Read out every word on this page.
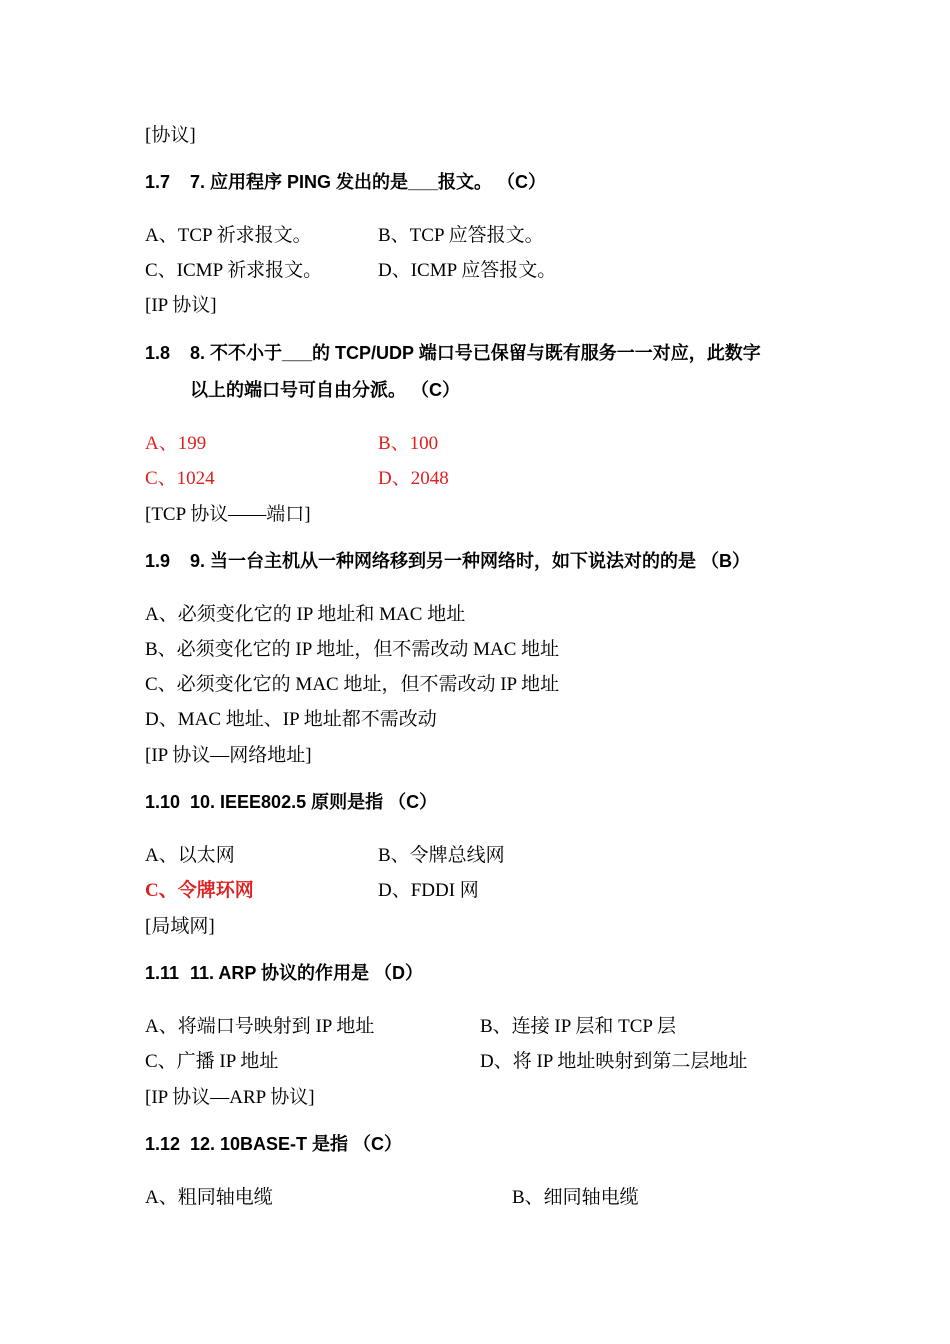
[协议]
1.7 7. 应用程序 PING 发出的是___报文。 （C）
A、TCP 祈求报文。	B、TCP 应答报文。
C、ICMP 祈求报文。	D、ICMP 应答报文。
[IP 协议]
1.8 8. 不不小于___的 TCP/UDP 端口号已保留与既有服务一一对应，此数字
以上的端口号可自由分派。 （C）
A、199	B、100
C、1024	D、2048
[TCP 协议——端口]
1.9 9. 当一台主机从一种网络移到另一种网络时，如下说法对的的是 （B）
A、必须变化它的 IP 地址和 MAC 地址
B、必须变化它的 IP 地址，但不需改动 MAC 地址
C、必须变化它的 MAC 地址，但不需改动 IP 地址
D、MAC 地址、IP 地址都不需改动
[IP 协议—网络地址]
1.10 10. IEEE802.5 原则是指 （C）
A、以太网	B、令牌总线网
C、令牌环网	D、FDDI 网
[局域网]
1.11 11. ARP 协议的作用是 （D）
A、将端口号映射到 IP 地址	B、连接 IP 层和 TCP 层
C、广播 IP 地址	D、将 IP 地址映射到第二层地址
[IP 协议—ARP 协议]
1.12 12. 10BASE-T 是指 （C）
A、粗同轴电缆	B、细同轴电缆
